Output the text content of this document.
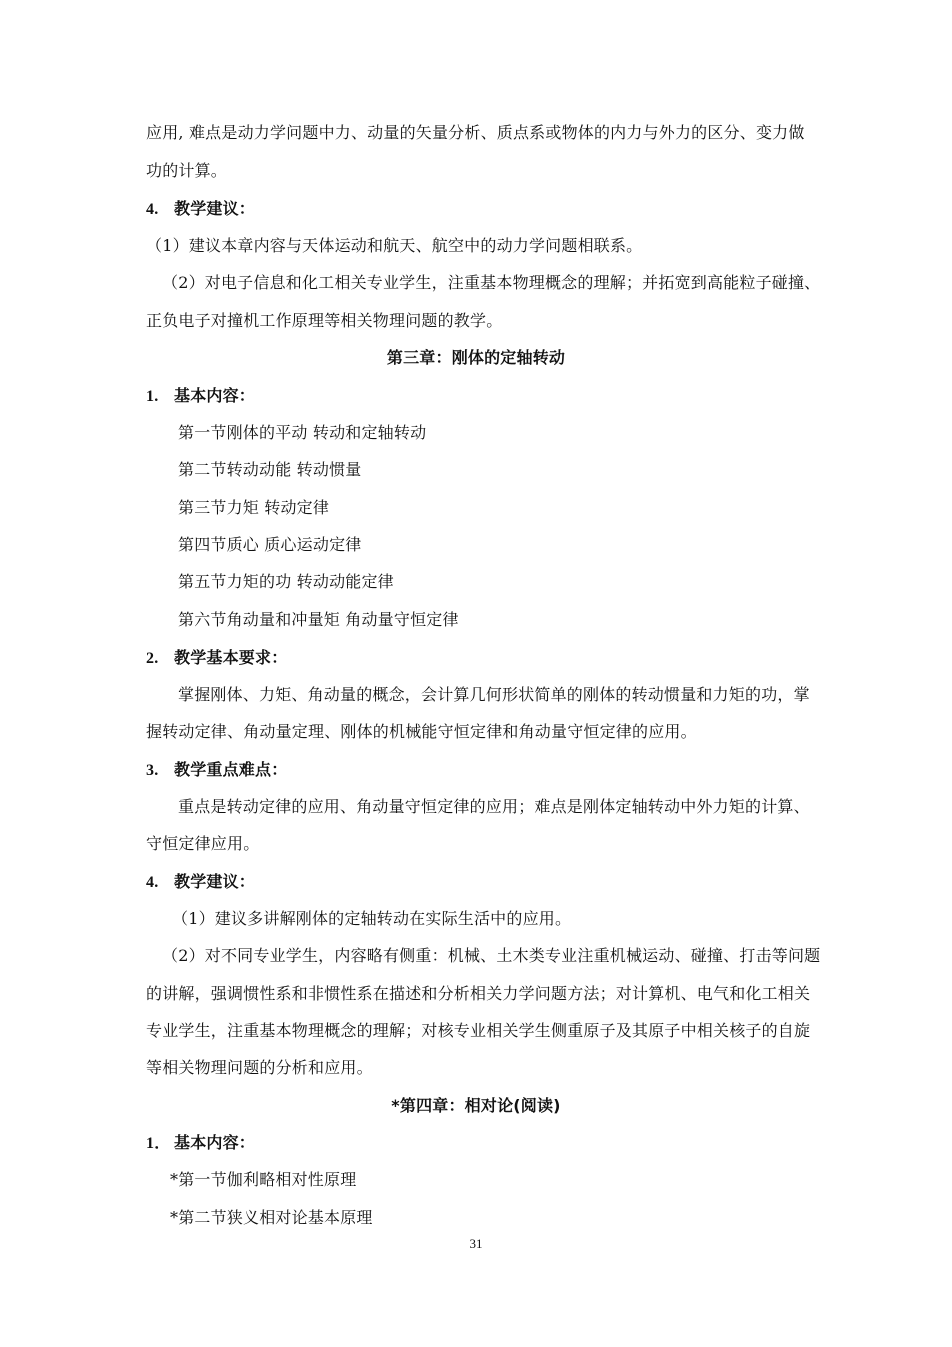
应用, 难点是动力学问题中力、动量的矢量分析、质点系或物体的内力与外力的区分、变力做
功的计算。
4. 教学建议：
（1）建议本章内容与天体运动和航天、航空中的动力学问题相联系。
（2）对电子信息和化工相关专业学生，注重基本物理概念的理解；并拓宽到高能粒子碰撞、
正负电子对撞机工作原理等相关物理问题的教学。
第三章：刚体的定轴转动
1. 基本内容：
第一节刚体的平动 转动和定轴转动
第二节转动动能 转动惯量
第三节力矩 转动定律
第四节质心 质心运动定律
第五节力矩的功 转动动能定律
第六节角动量和冲量矩 角动量守恒定律
2. 教学基本要求：
掌握刚体、力矩、角动量的概念，会计算几何形状简单的刚体的转动惯量和力矩的功，掌
握转动定律、角动量定理、刚体的机械能守恒定律和角动量守恒定律的应用。
3. 教学重点难点：
重点是转动定律的应用、角动量守恒定律的应用；难点是刚体定轴转动中外力矩的计算、
守恒定律应用。
4. 教学建议：
（1）建议多讲解刚体的定轴转动在实际生活中的应用。
（2）对不同专业学生，内容略有侧重：机械、土木类专业注重机械运动、碰撞、打击等问题
的讲解，强调惯性系和非惯性系在描述和分析相关力学问题方法；对计算机、电气和化工相关
专业学生，注重基本物理概念的理解；对核专业相关学生侧重原子及其原子中相关核子的自旋
等相关物理问题的分析和应用。
*第四章：相对论(阅读)
1． 基本内容：
*第一节伽利略相对性原理
*第二节狭义相对论基本原理
31
